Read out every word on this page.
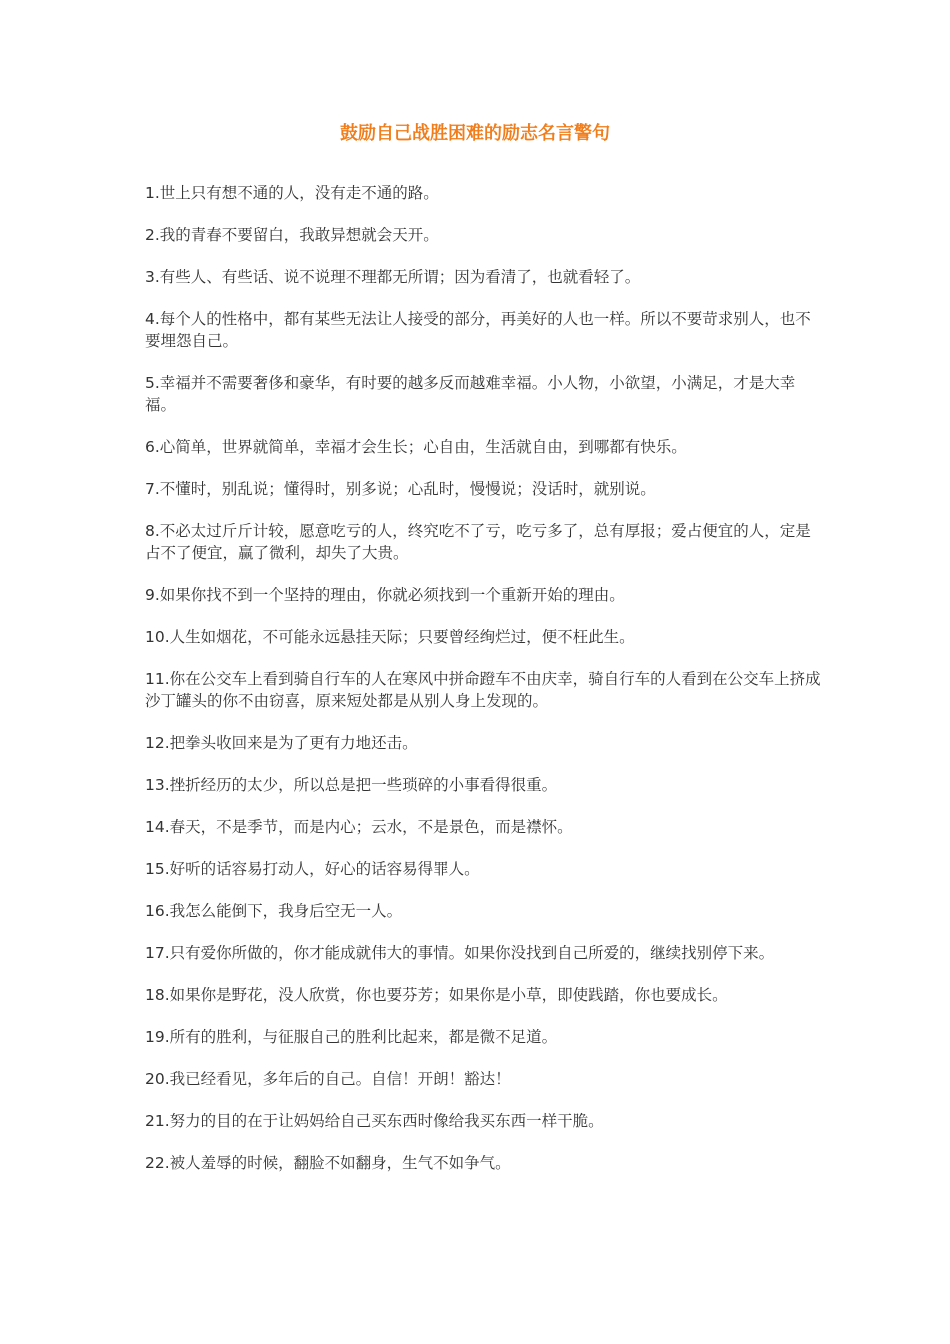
鼓励自己战胜困难的励志名言警句

1.世上只有想不通的人，没有走不通的路。

2.我的青春不要留白，我敢异想就会天开。

3.有些人、有些话、说不说理不理都无所谓；因为看清了，也就看轻了。

4.每个人的性格中，都有某些无法让人接受的部分，再美好的人也一样。所以不要苛求别人，也不要埋怨自己。

5.幸福并不需要奢侈和豪华，有时要的越多反而越难幸福。小人物，小欲望，小满足，才是大幸福。

6.心简单，世界就简单，幸福才会生长；心自由，生活就自由，到哪都有快乐。

7.不懂时，别乱说；懂得时，别多说；心乱时，慢慢说；没话时，就别说。

8.不必太过斤斤计较，愿意吃亏的人，终究吃不了亏，吃亏多了，总有厚报；爱占便宜的人，定是占不了便宜，赢了微利，却失了大贵。

9.如果你找不到一个坚持的理由，你就必须找到一个重新开始的理由。

10.人生如烟花，不可能永远悬挂天际；只要曾经绚烂过，便不枉此生。

11.你在公交车上看到骑自行车的人在寒风中拼命蹬车不由庆幸，骑自行车的人看到在公交车上挤成沙丁罐头的你不由窃喜，原来短处都是从别人身上发现的。

12.把拳头收回来是为了更有力地还击。

13.挫折经历的太少，所以总是把一些琐碎的小事看得很重。

14.春天，不是季节，而是内心；云水，不是景色，而是襟怀。

15.好听的话容易打动人，好心的话容易得罪人。

16.我怎么能倒下，我身后空无一人。

17.只有爱你所做的，你才能成就伟大的事情。如果你没找到自己所爱的，继续找别停下来。

18.如果你是野花，没人欣赏，你也要芬芳；如果你是小草，即使践踏，你也要成长。

19.所有的胜利，与征服自己的胜利比起来，都是微不足道。

20.我已经看见，多年后的自己。自信！开朗！豁达！

21.努力的目的在于让妈妈给自己买东西时像给我买东西一样干脆。

22.被人羞辱的时候，翻脸不如翻身，生气不如争气。
